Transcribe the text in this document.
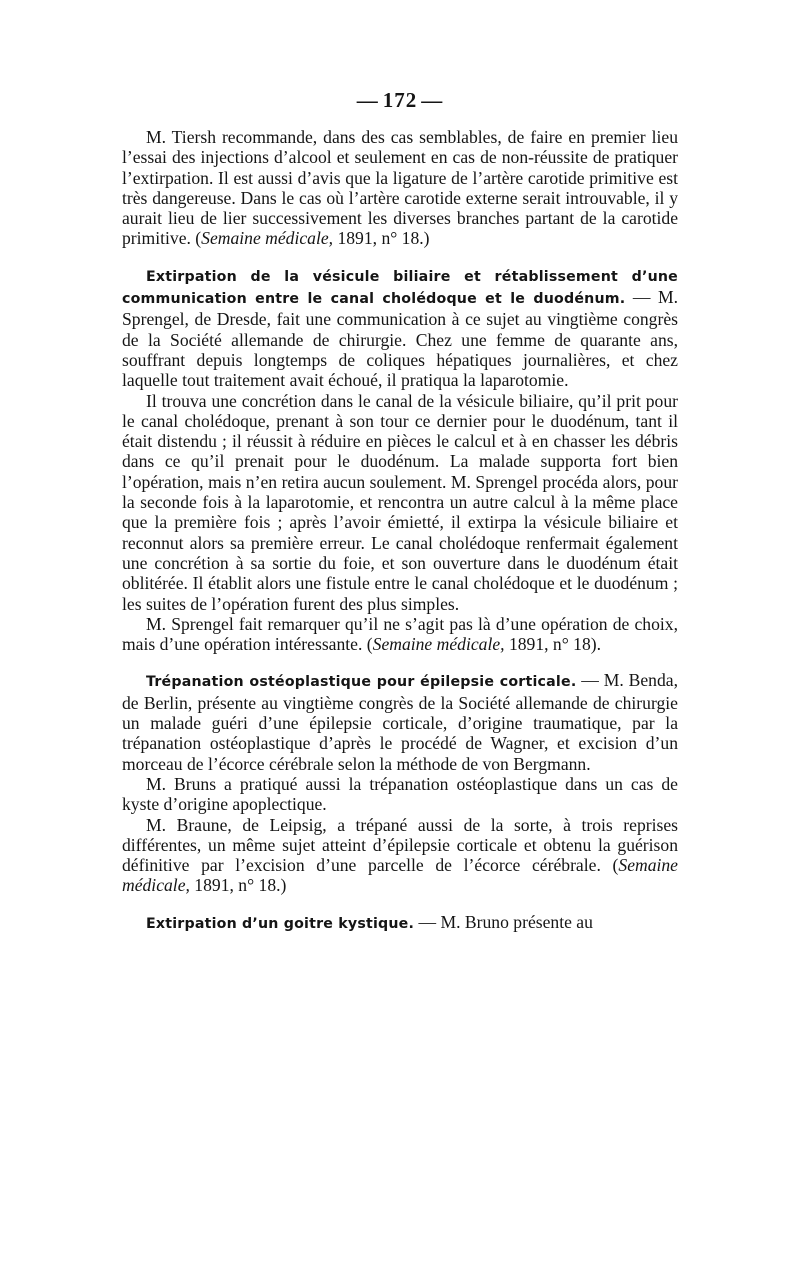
— 172 —

M. Tiersh recommande, dans des cas semblables, de faire en premier lieu l’essai des injections d’alcool et seulement en cas de non-réussite de pratiquer l’extirpation. Il est aussi d’avis que la ligature de l’artère carotide primitive est très dangereuse. Dans le cas où l’artère carotide externe serait introuvable, il y aurait lieu de lier successivement les diverses branches partant de la carotide primitive. (Semaine médicale, 1891, n° 18.)

Extirpation de la vésicule biliaire et rétablissement d’une communication entre le canal cholédoque et le duodénum. — M. Sprengel, de Dresde, fait une communication à ce sujet au vingtième congrès de la Société allemande de chirurgie. Chez une femme de quarante ans, souffrant depuis longtemps de coliques hépatiques journalières, et chez laquelle tout traitement avait échoué, il pratiqua la laparotomie.

Il trouva une concrétion dans le canal de la vésicule biliaire, qu’il prit pour le canal cholédoque, prenant à son tour ce dernier pour le duodénum, tant il était distendu ; il réussit à réduire en pièces le calcul et à en chasser les débris dans ce qu’il prenait pour le duodénum. La malade supporta fort bien l’opération, mais n’en retira aucun soulement. M. Sprengel procéda alors, pour la seconde fois à la laparotomie, et rencontra un autre calcul à la même place que la première fois ; après l’avoir émietté, il extirpa la vésicule biliaire et reconnut alors sa première erreur. Le canal cholédoque renfermait également une concrétion à sa sortie du foie, et son ouverture dans le duodénum était oblitérée. Il établit alors une fistule entre le canal cholédoque et le duodénum ; les suites de l’opération furent des plus simples.

M. Sprengel fait remarquer qu’il ne s’agit pas là d’une opération de choix, mais d’une opération intéressante. (Semaine médicale, 1891, n° 18).

Trépanation ostéoplastique pour épilepsie corticale. — M. Benda, de Berlin, présente au vingtième congrès de la Société allemande de chirurgie un malade guéri d’une épilepsie corticale, d’origine traumatique, par la trépanation ostéoplastique d’après le procédé de Wagner, et excision d’un morceau de l’écorce cérébrale selon la méthode de von Bergmann.

M. Bruns a pratiqué aussi la trépanation ostéoplastique dans un cas de kyste d’origine apoplectique.

M. Braune, de Leipsig, a trépané aussi de la sorte, à trois reprises différentes, un même sujet atteint d’épilepsie corticale et obtenu la guérison définitive par l’excision d’une parcelle de l’écorce cérébrale. (Semaine médicale, 1891, n° 18.)

Extirpation d’un goitre kystique. — M. Bruno présente au
